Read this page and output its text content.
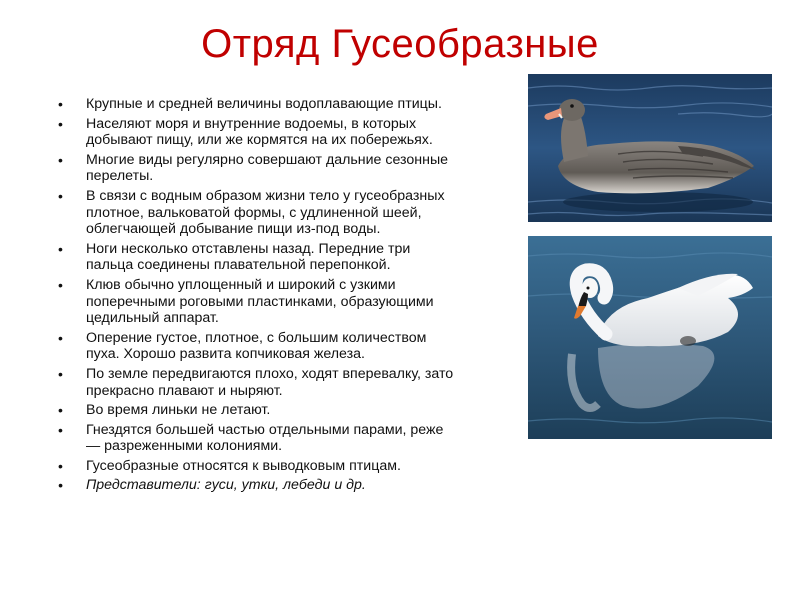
Отряд Гусеобразные
• Крупные и средней величины водоплавающие птицы.
• Населяют моря и внутренние водоемы, в которых добывают пищу, или же кормятся на их побережьях.
• Многие виды регулярно совершают дальние сезонные перелеты.
• В связи с водным образом жизни тело у гусеобразных плотное, вальковатой формы, с удлиненной шеей, облегчающей добывание пищи из-под воды.
• Ноги несколько отставлены назад. Передние три пальца соединены плавательной перепонкой.
• Клюв обычно уплощенный и широкий с узкими поперечными роговыми пластинками, образующими цедильный аппарат.
• Оперение густое, плотное, с большим количеством пуха. Хорошо развита копчиковая железа.
• По земле передвигаются плохо, ходят вперевалку, зато прекрасно плавают и ныряют.
• Во время линьки не летают.
• Гнездятся большей частью отдельными парами, реже — разреженными колониями.
• Гусеобразные относятся к выводковым птицам.
• Представители: гуси, утки, лебеди и др.
